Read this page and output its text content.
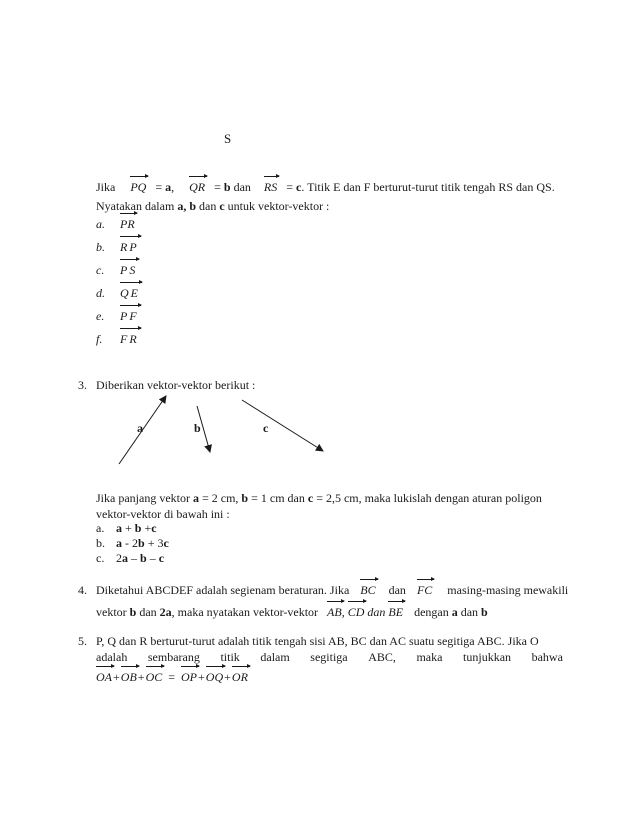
S
Jika PQ = a, QR = b dan RS = c. Titik E dan F berturut-turut titik tengah RS dan QS.
Nyatakan dalam a, b dan c untuk vektor-vektor :
a. PR
b. RP
c. PS
d. QE
e. PF
f. FR
3. Diberikan vektor-vektor berikut :
a	b	c
Jika panjang vektor a = 2 cm, b = 1 cm dan c = 2,5 cm, maka lukislah dengan aturan poligon
vektor-vektor di bawah ini :
a. a + b +c
b. a - 2b + 3c
c. 2a – b – c
4. Diketahui ABCDEF adalah segienam beraturan. Jika BC dan FC masing-masing mewakili
vektor b dan 2a, maka nyatakan vektor-vektor AB, CD dan BE dengan a dan b
5. P, Q dan R berturut-turut adalah titik tengah sisi AB, BC dan AC suatu segitiga ABC. Jika O
adalah sembarang titik dalam segitiga ABC, maka tunjukkan bahwa
OA+OB+OC = OP+OQ+OR
